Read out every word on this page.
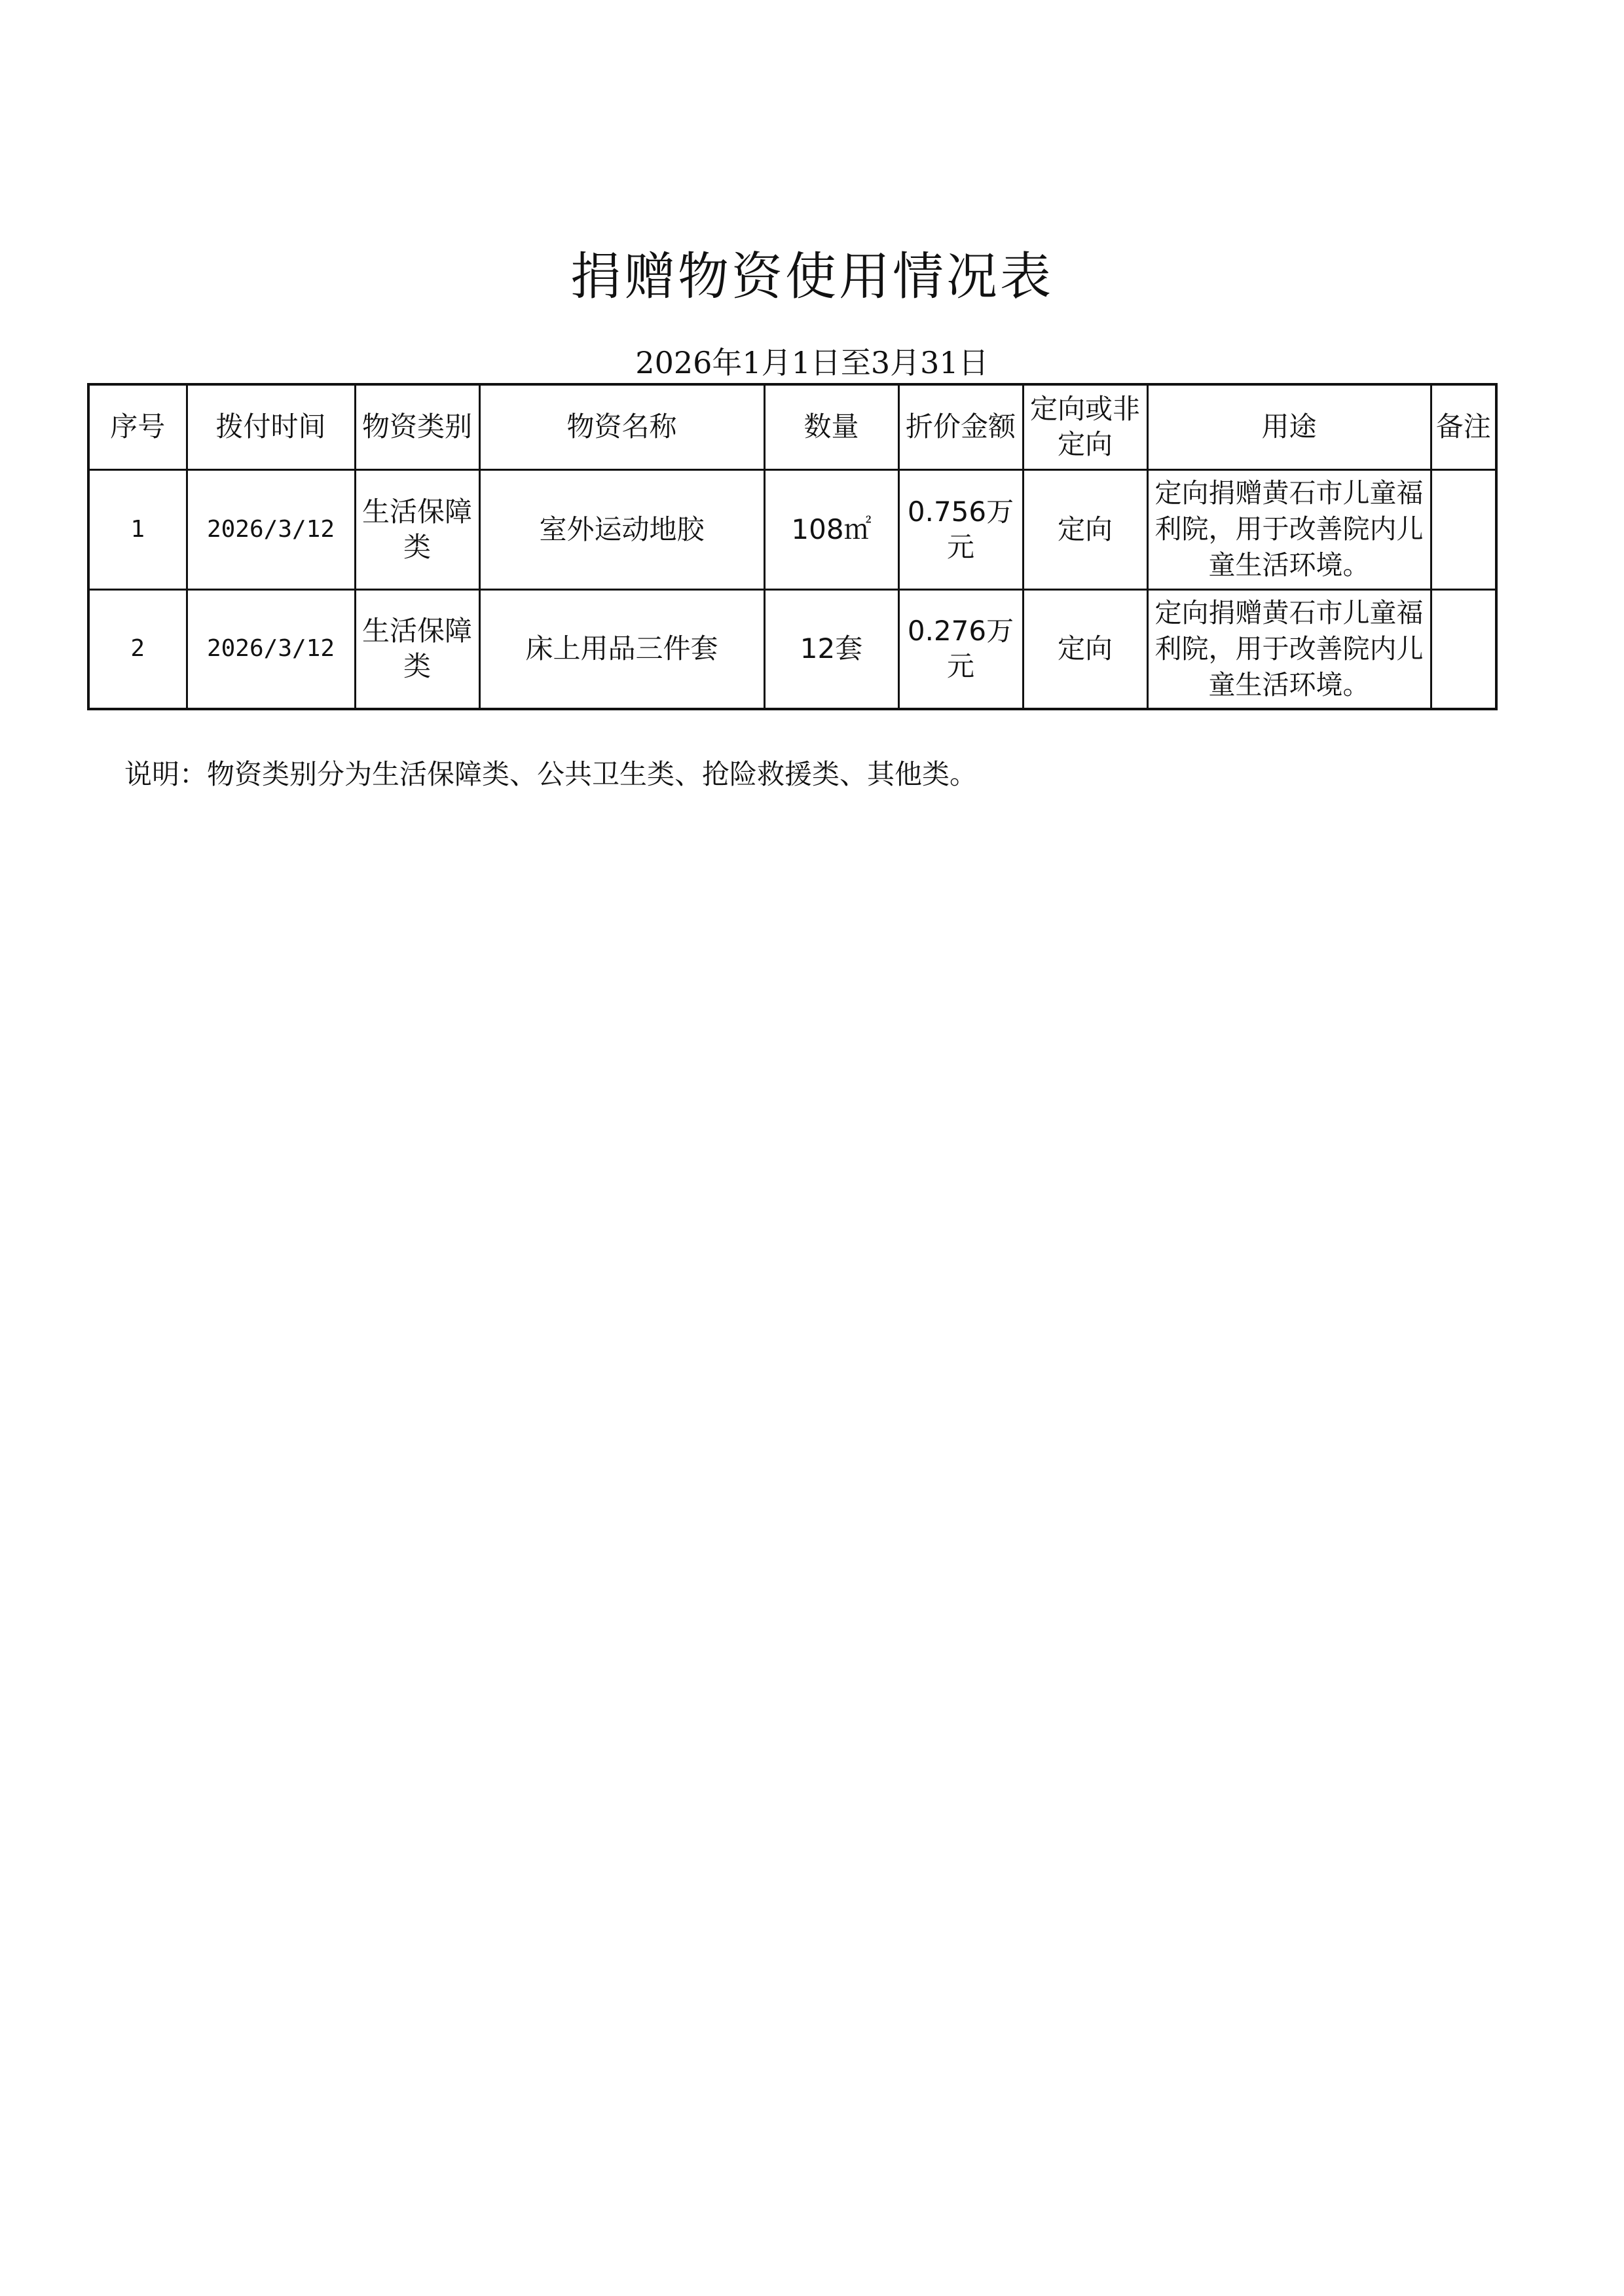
捐赠物资使用情况表
2026年1月1日至3月31日
序号	拨付时间	物资类别	物资名称	数量	折价金额	定向或非定向	用途	备注
1	2026/3/12	生活保障类	室外运动地胶	108㎡	0.756万元	定向	定向捐赠黄石市儿童福利院，用于改善院内儿童生活环境。	
2	2026/3/12	生活保障类	床上用品三件套	12套	0.276万元	定向	定向捐赠黄石市儿童福利院，用于改善院内儿童生活环境。	
说明：物资类别分为生活保障类、公共卫生类、抢险救援类、其他类。
